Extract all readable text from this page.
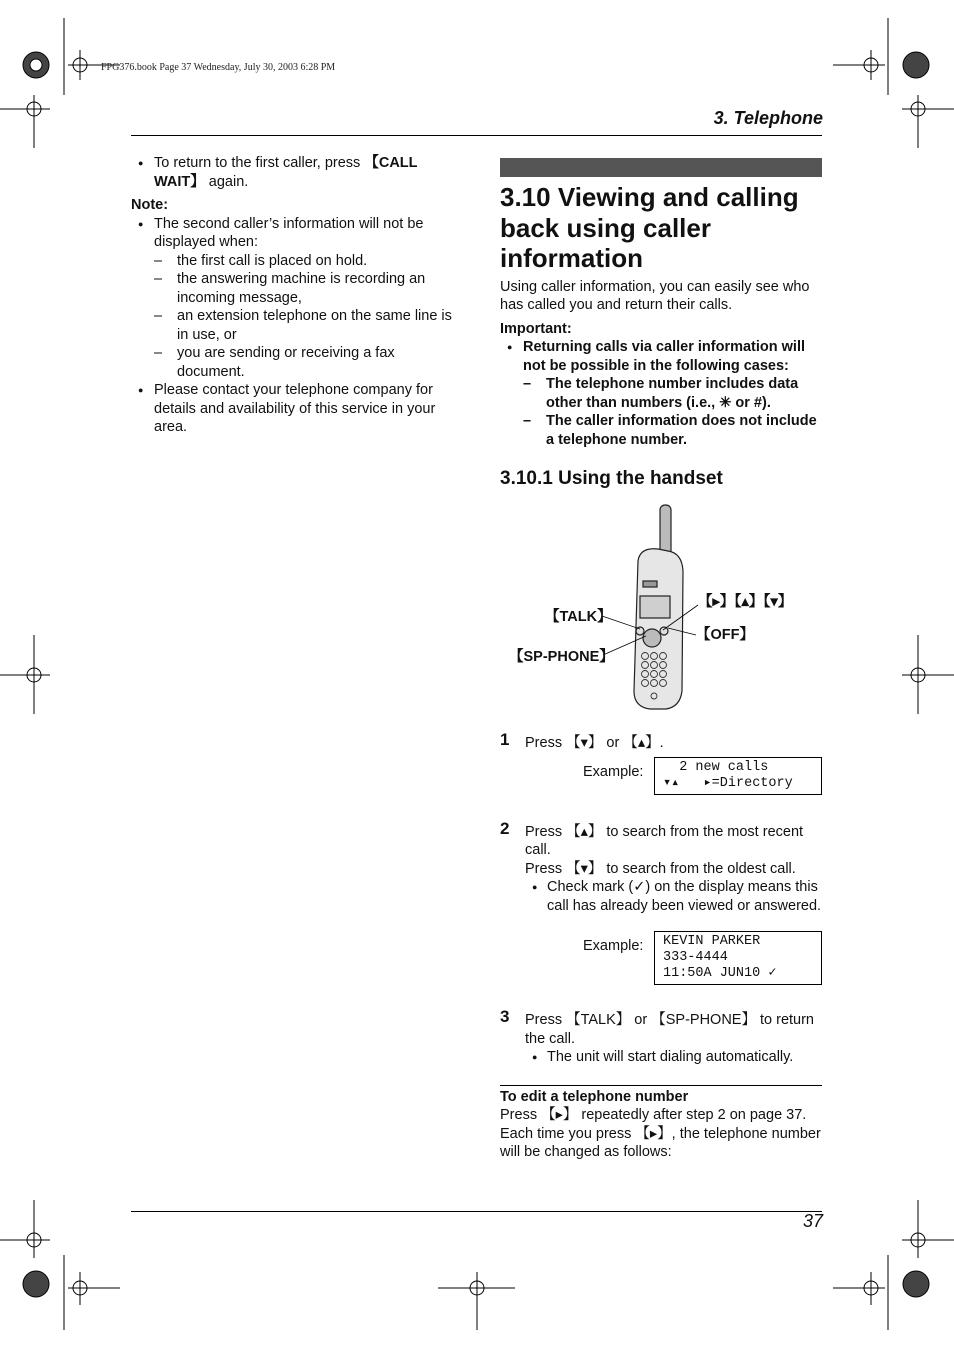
FPG376.book Page 37 Wednesday, July 30, 2003 6:28 PM
3. Telephone
● To return to the first caller, press 【CALL WAIT】 again.
Note:
● The second caller’s information will not be displayed when:
– the first call is placed on hold.
– the answering machine is recording an incoming message,
– an extension telephone on the same line is in use, or
– you are sending or receiving a fax document.
● Please contact your telephone company for details and availability of this service in your area.
3.10 Viewing and calling back using caller information
Using caller information, you can easily see who has called you and return their calls.
Important:
● Returning calls via caller information will not be possible in the following cases:
– The telephone number includes data other than numbers (i.e., ✳ or #).
– The caller information does not include a telephone number.
3.10.1 Using the handset
【TALK】
【SP-PHONE】
【▸】【▴】【▾】
【OFF】
1 Press 【▾】 or 【▴】.
Example: 2 new calls
▾▴   ▸=Directory
2 Press 【▴】 to search from the most recent call.
Press 【▾】 to search from the oldest call.
● Check mark (✓) on the display means this call has already been viewed or answered.
Example: KEVIN PARKER
333-4444
11:50A JUN10 ✓
3 Press 【TALK】 or 【SP-PHONE】 to return the call.
● The unit will start dialing automatically.
To edit a telephone number
Press 【▸】 repeatedly after step 2 on page 37. Each time you press 【▸】, the telephone number will be changed as follows:
37
